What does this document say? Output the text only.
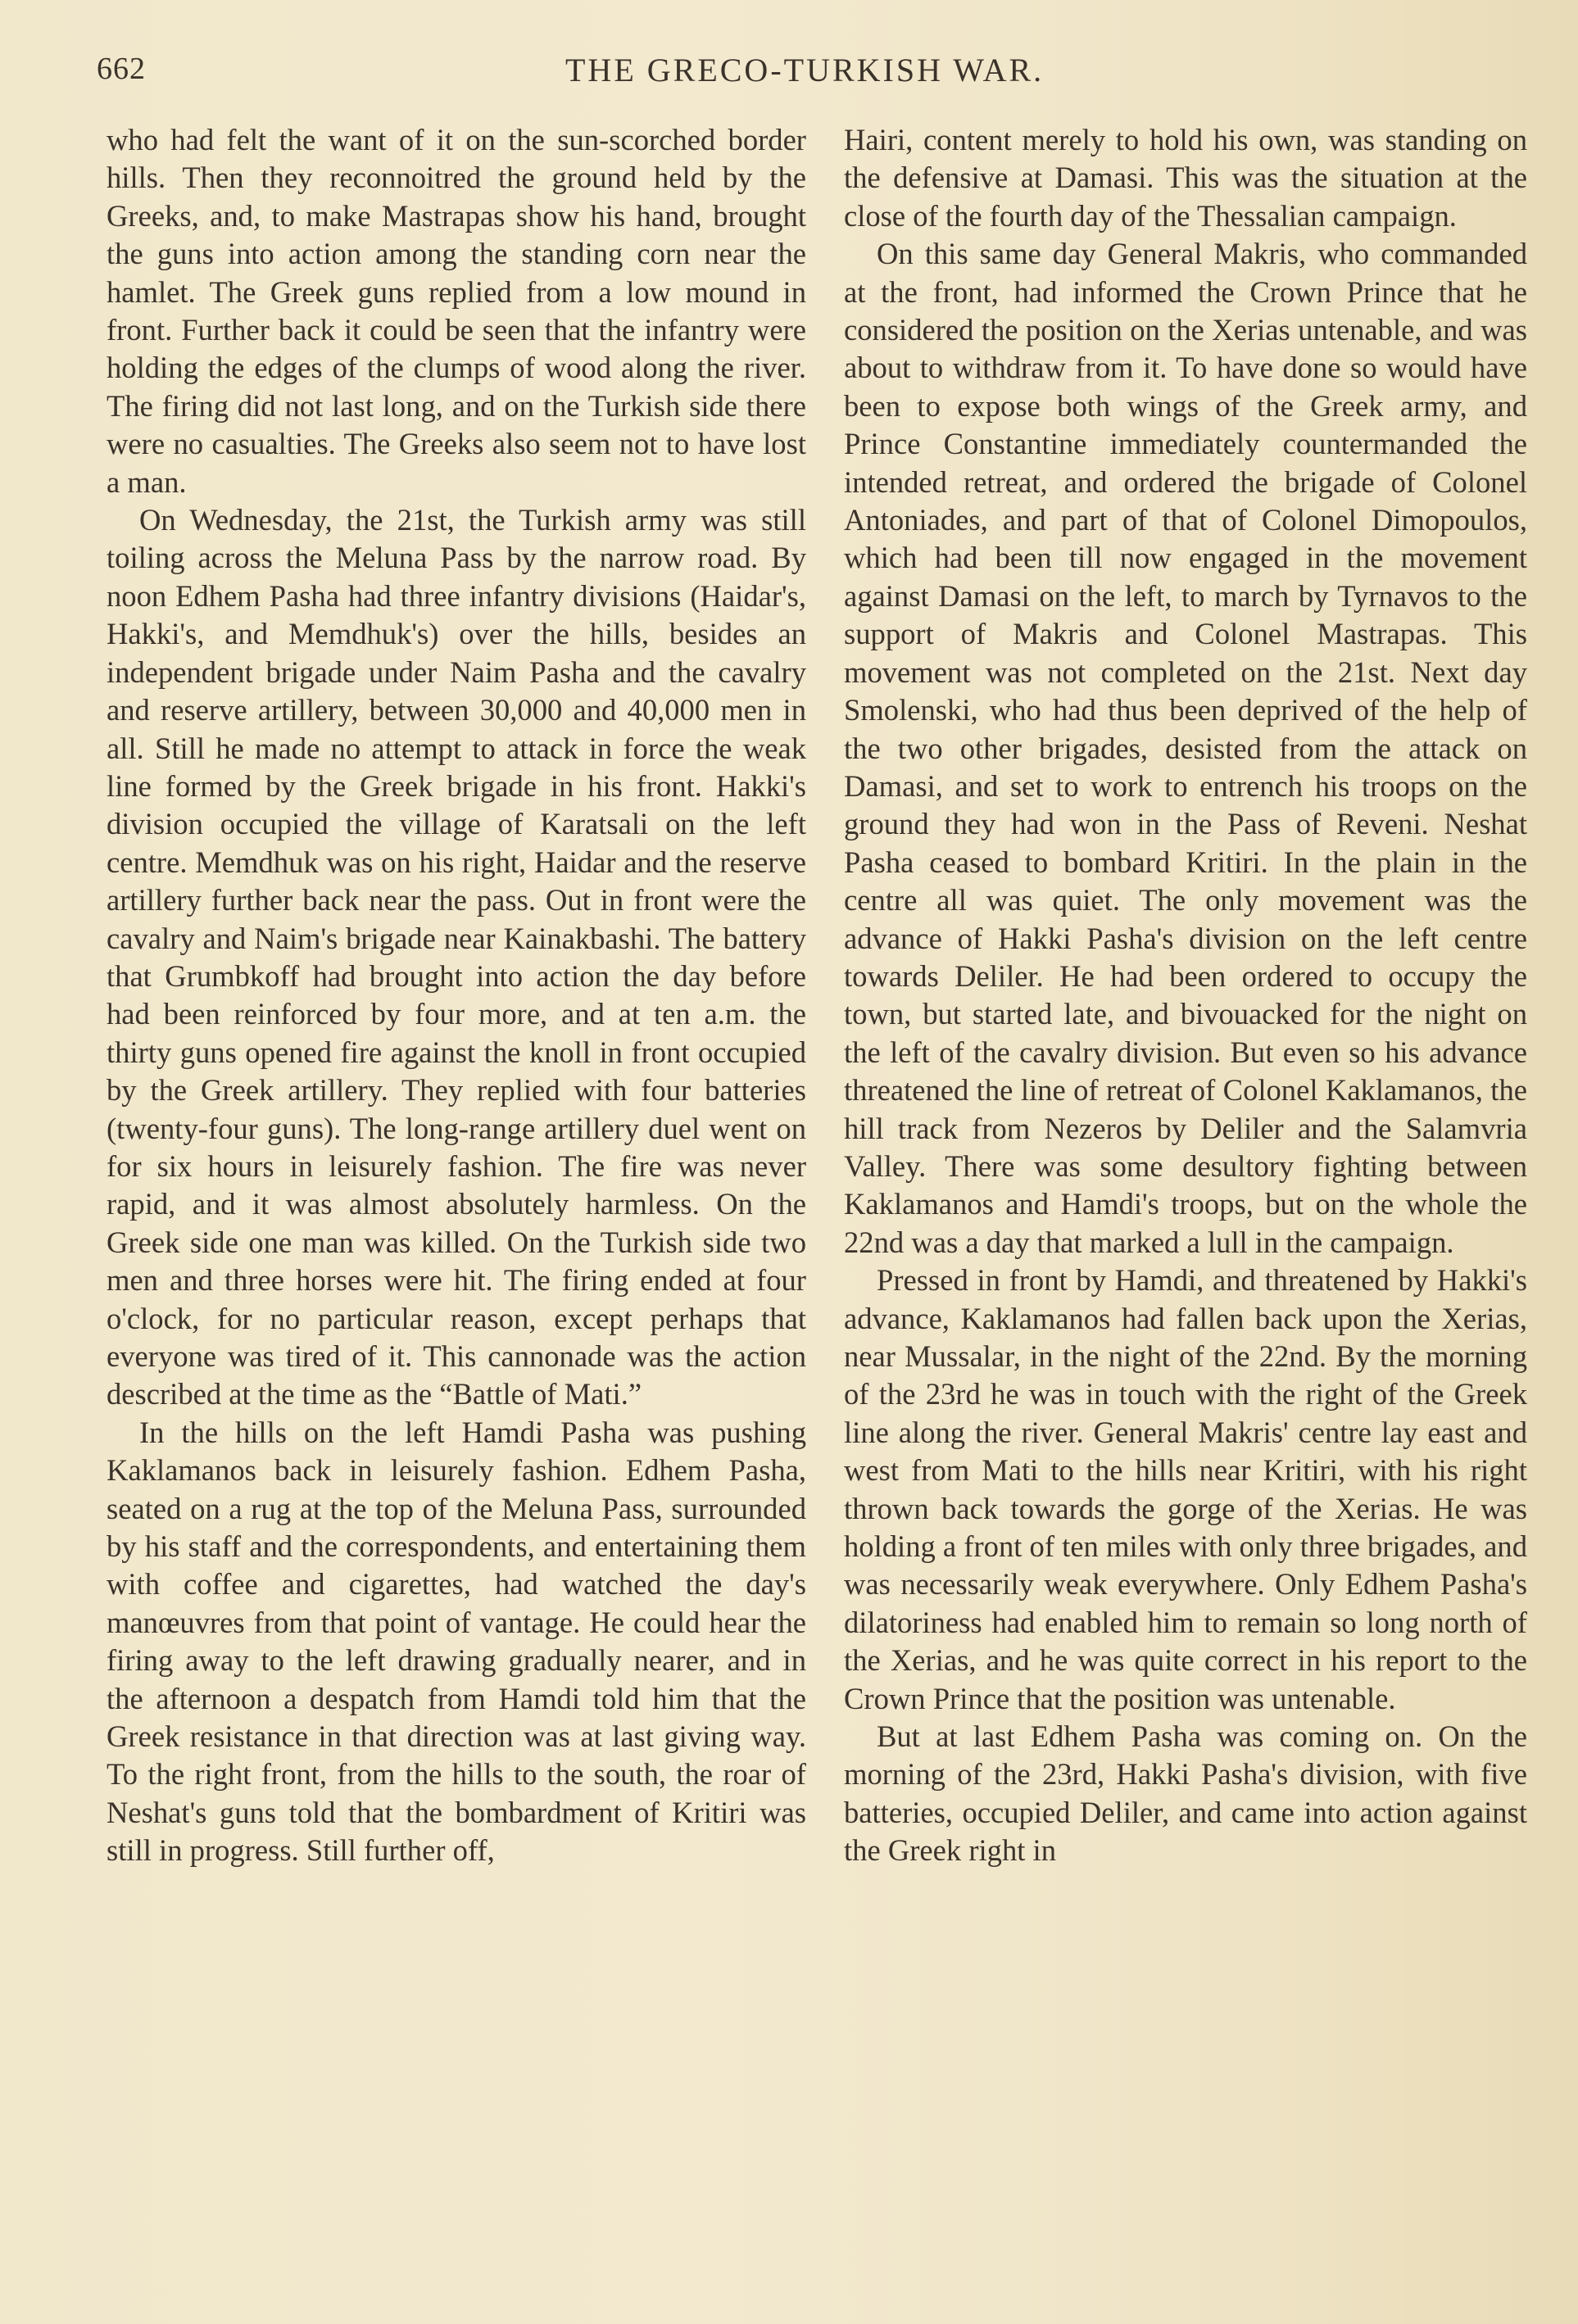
662	THE GRECO-TURKISH WAR.

who had felt the want of it on the sun-scorched border hills. Then they reconnoitred the ground held by the Greeks, and, to make Mastrapas show his hand, brought the guns into action among the standing corn near the hamlet. The Greek guns replied from a low mound in front. Further back it could be seen that the infantry were holding the edges of the clumps of wood along the river. The firing did not last long, and on the Turkish side there were no casualties. The Greeks also seem not to have lost a man.

On Wednesday, the 21st, the Turkish army was still toiling across the Meluna Pass by the narrow road. By noon Edhem Pasha had three infantry divisions (Haidar's, Hakki's, and Memdhuk's) over the hills, besides an independent brigade under Naim Pasha and the cavalry and reserve artillery, between 30,000 and 40,000 men in all. Still he made no attempt to attack in force the weak line formed by the Greek brigade in his front. Hakki's division occupied the village of Karatsali on the left centre. Memdhuk was on his right, Haidar and the reserve artillery further back near the pass. Out in front were the cavalry and Naim's brigade near Kainakbashi. The battery that Grumbkoff had brought into action the day before had been reinforced by four more, and at ten a.m. the thirty guns opened fire against the knoll in front occupied by the Greek artillery. They replied with four batteries (twenty-four guns). The long-range artillery duel went on for six hours in leisurely fashion. The fire was never rapid, and it was almost absolutely harmless. On the Greek side one man was killed. On the Turkish side two men and three horses were hit. The firing ended at four o'clock, for no particular reason, except perhaps that everyone was tired of it. This cannonade was the action described at the time as the “Battle of Mati.”

In the hills on the left Hamdi Pasha was pushing Kaklamanos back in leisurely fashion. Edhem Pasha, seated on a rug at the top of the Meluna Pass, surrounded by his staff and the correspondents, and entertaining them with coffee and cigarettes, had watched the day's manœuvres from that point of vantage. He could hear the firing away to the left drawing gradually nearer, and in the afternoon a despatch from Hamdi told him that the Greek resistance in that direction was at last giving way. To the right front, from the hills to the south, the roar of Neshat's guns told that the bombardment of Kritiri was still in progress. Still further off,

Hairi, content merely to hold his own, was standing on the defensive at Damasi. This was the situation at the close of the fourth day of the Thessalian campaign.

On this same day General Makris, who commanded at the front, had informed the Crown Prince that he considered the position on the Xerias untenable, and was about to withdraw from it. To have done so would have been to expose both wings of the Greek army, and Prince Constantine immediately countermanded the intended retreat, and ordered the brigade of Colonel Antoniades, and part of that of Colonel Dimopoulos, which had been till now engaged in the movement against Damasi on the left, to march by Tyrnavos to the support of Makris and Colonel Mastrapas. This movement was not completed on the 21st. Next day Smolenski, who had thus been deprived of the help of the two other brigades, desisted from the attack on Damasi, and set to work to entrench his troops on the ground they had won in the Pass of Reveni. Neshat Pasha ceased to bombard Kritiri. In the plain in the centre all was quiet. The only movement was the advance of Hakki Pasha's division on the left centre towards Deliler. He had been ordered to occupy the town, but started late, and bivouacked for the night on the left of the cavalry division. But even so his advance threatened the line of retreat of Colonel Kaklamanos, the hill track from Nezeros by Deliler and the Salamvria Valley. There was some desultory fighting between Kaklamanos and Hamdi's troops, but on the whole the 22nd was a day that marked a lull in the campaign.

Pressed in front by Hamdi, and threatened by Hakki's advance, Kaklamanos had fallen back upon the Xerias, near Mussalar, in the night of the 22nd. By the morning of the 23rd he was in touch with the right of the Greek line along the river. General Makris' centre lay east and west from Mati to the hills near Kritiri, with his right thrown back towards the gorge of the Xerias. He was holding a front of ten miles with only three brigades, and was necessarily weak everywhere. Only Edhem Pasha's dilatoriness had enabled him to remain so long north of the Xerias, and he was quite correct in his report to the Crown Prince that the position was untenable.

But at last Edhem Pasha was coming on. On the morning of the 23rd, Hakki Pasha's division, with five batteries, occupied Deliler, and came into action against the Greek right in
